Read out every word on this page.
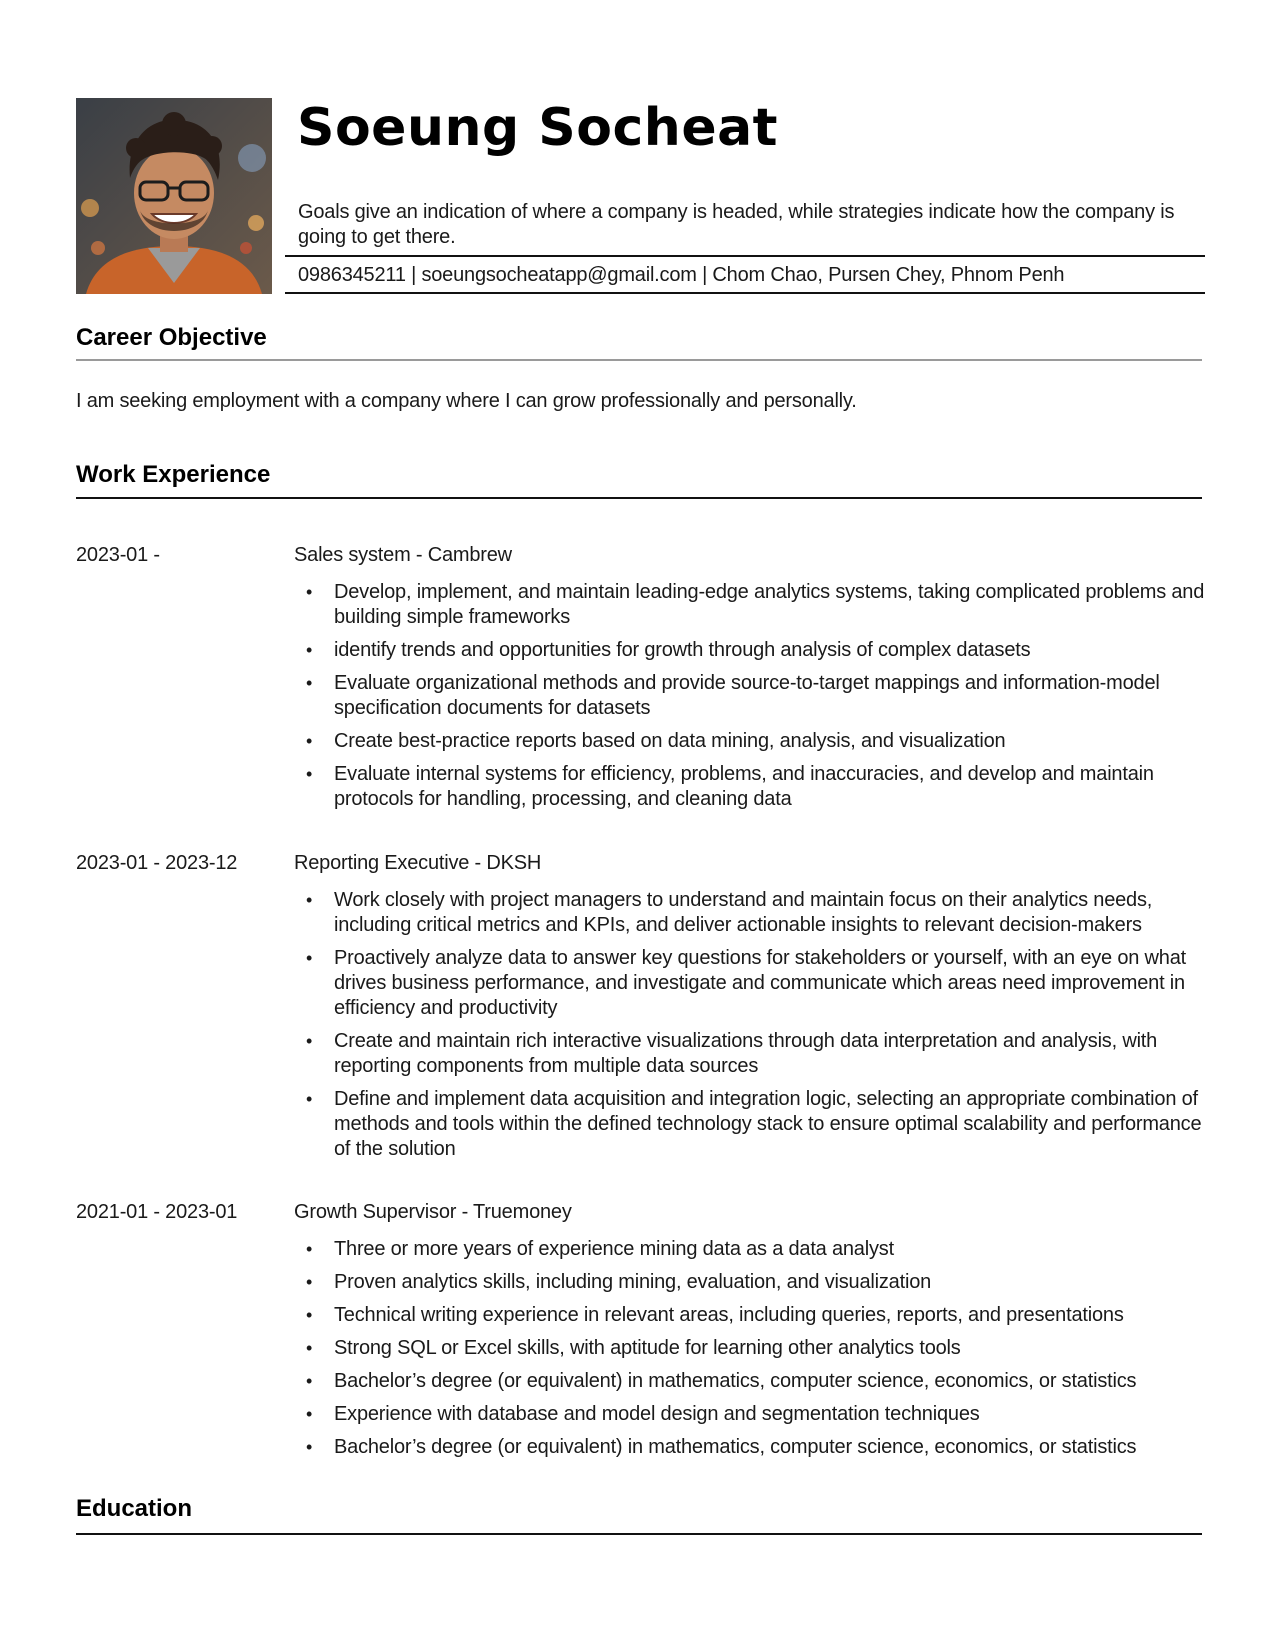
Soeung Socheat
Goals give an indication of where a company is headed, while strategies indicate how the company is going to get there.
0986345211 | soeungsocheatapp@gmail.com | Chom Chao, Pursen Chey, Phnom Penh
Career Objective
I am seeking employment with a company where I can grow professionally and personally.
Work Experience
2023-01 -	Sales system - Cambrew
• Develop, implement, and maintain leading-edge analytics systems, taking complicated problems and building simple frameworks
• identify trends and opportunities for growth through analysis of complex datasets
• Evaluate organizational methods and provide source-to-target mappings and information-model specification documents for datasets
• Create best-practice reports based on data mining, analysis, and visualization
• Evaluate internal systems for efficiency, problems, and inaccuracies, and develop and maintain protocols for handling, processing, and cleaning data
2023-01 - 2023-12	Reporting Executive - DKSH
• Work closely with project managers to understand and maintain focus on their analytics needs, including critical metrics and KPIs, and deliver actionable insights to relevant decision-makers
• Proactively analyze data to answer key questions for stakeholders or yourself, with an eye on what drives business performance, and investigate and communicate which areas need improvement in efficiency and productivity
• Create and maintain rich interactive visualizations through data interpretation and analysis, with reporting components from multiple data sources
• Define and implement data acquisition and integration logic, selecting an appropriate combination of methods and tools within the defined technology stack to ensure optimal scalability and performance of the solution
2021-01 - 2023-01	Growth Supervisor - Truemoney
• Three or more years of experience mining data as a data analyst
• Proven analytics skills, including mining, evaluation, and visualization
• Technical writing experience in relevant areas, including queries, reports, and presentations
• Strong SQL or Excel skills, with aptitude for learning other analytics tools
• Bachelor’s degree (or equivalent) in mathematics, computer science, economics, or statistics
• Experience with database and model design and segmentation techniques
• Bachelor’s degree (or equivalent) in mathematics, computer science, economics, or statistics
Education
